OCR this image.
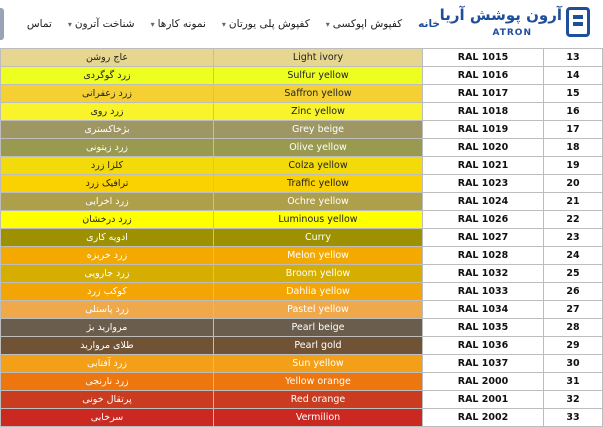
خانه
کفپوش اپوکسی
▾
کفپوش پلی یورتان
▾
نمونه کارها
▾
شناخت آترون
▾
تماس	آرون پوشش آریا
ATRON
عاج روشن	Light ivory	RAL 1015	13
زرد گوگردی	Sulfur yellow	RAL 1016	14
زرد زعفرانی	Saffron yellow	RAL 1017	15
زرد روی	Zinc yellow	RAL 1018	16
بژخاکستری	Grey beige	RAL 1019	17
زرد زیتونی	Olive yellow	RAL 1020	18
کلزا زرد	Colza yellow	RAL 1021	19
ترافیک زرد	Traffic yellow	RAL 1023	20
زرد اخرایی	Ochre yellow	RAL 1024	21
زرد درخشان	Luminous yellow	RAL 1026	22
ادویه کاری	Curry	RAL 1027	23
زرد خربزه	Melon yellow	RAL 1028	24
زرد جارویی	Broom yellow	RAL 1032	25
کوکب زرد	Dahlia yellow	RAL 1033	26
زرد پاستلی	Pastel yellow	RAL 1034	27
مروارید بژ	Pearl beige	RAL 1035	28
طلای مروارید	Pearl gold	RAL 1036	29
زرد آفتابی	Sun yellow	RAL 1037	30
زرد نارنجی	Yellow orange	RAL 2000	31
پرتقال خونی	Red orange	RAL 2001	32
سرخابی	Vermilion	RAL 2002	33
